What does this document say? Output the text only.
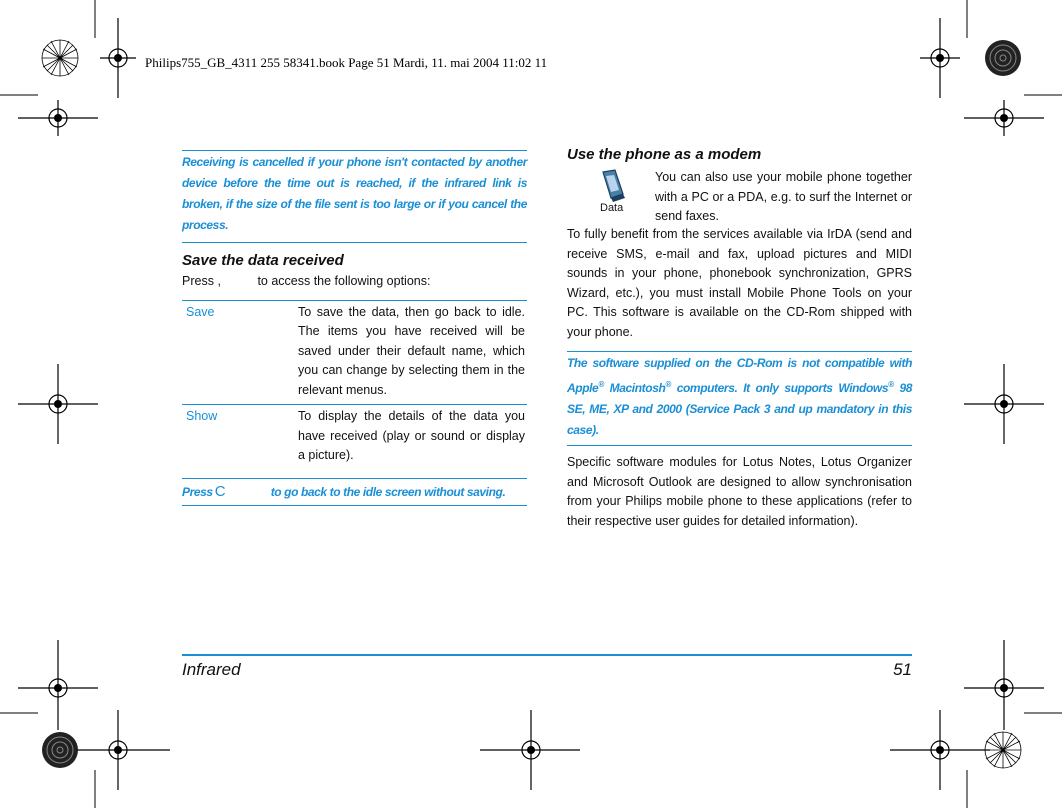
Philips755_GB_4311 255 58341.book Page 51 Mardi, 11. mai 2004 11:02 11
Receiving is cancelled if your phone isn't contacted by another device before the time out is reached, if the infrared link is broken, if the size of the file sent is too large or if you cancel the process.
Save the data received
Press
,	to access the following options:
Save	To save the data, then go back to idle. The items you have received will be saved under their default name, which you can change by selecting them in the relevant menus.
Show	To display the details of the data you have received (play or sound or display a picture).
Press C	to go back to the idle screen without saving.
Use the phone as a modem
Data
You can also use your mobile phone together with a PC or a PDA, e.g. to surf the Internet or send faxes.
To fully benefit from the services available via IrDA (send and receive SMS, e-mail and fax, upload pictures and MIDI sounds in your phone, phonebook synchronization, GPRS Wizard, etc.), you must install Mobile Phone Tools on your PC. This software is available on the CD-Rom shipped with your phone.
The software supplied on the CD-Rom is not compatible with Apple® Macintosh® computers. It only supports Windows® 98 SE, ME, XP and 2000 (Service Pack 3 and up mandatory in this case).
Specific software modules for Lotus Notes, Lotus Organizer and Microsoft Outlook are designed to allow synchronisation from your Philips mobile phone to these applications (refer to their respective user guides for detailed information).
Infrared	51
